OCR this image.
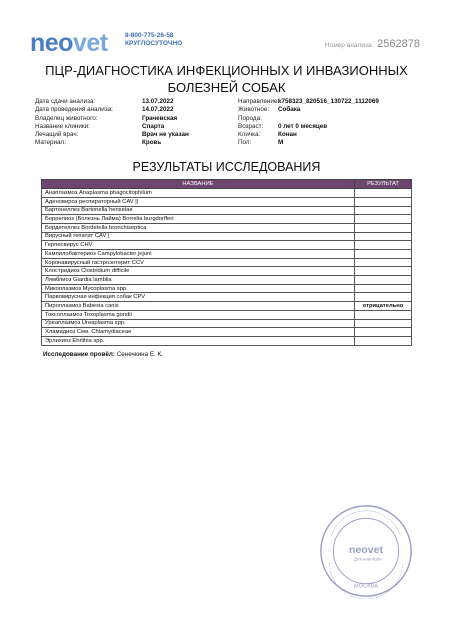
neovet	8-800-775-26-58
КРУГЛОСУТОЧНО	Номер анализа: 2562878
ПЦР-ДИАГНОСТИКА ИНФЕКЦИОННЫХ И ИНВАЗИОННЫХ БОЛЕЗНЕЙ СОБАК
Дата сдачи анализа:	13.07.2022
Дата проведения анализа:	14.07.2022
Владелец животного:	Грачевская
Название клиники:	Спарта
Лечащий врач:	Врач не указан
Материал:	Кровь
Направление:
k758323_820516_130722_1112069
Животное:	Собака
Порода:
Возраст:	0 лет 0 месяцев
Кличка:	Конан
Пол:	М
РЕЗУЛЬТАТЫ ИССЛЕДОВАНИЯ
НАЗВАНИЕ	РЕЗУЛЬТАТ
Анаплазмоз Anaplasma phagocitophilum	
Аденовироз респираторный CAV ||	
Бартонеллез Bartonella henselae	
Боррелиоз (Болезнь Лайма) Borrelia burgdorfferi	
Бордетеллез Bordetella bronchiseptica	
Вирусный гепатит CAV |	
Герпесвирус CHV	
Кампилобактериоз Campylobacter jejuni	
Коронавирусный гастроэнтерит CCV	
Клостридиоз Clostridium difficile	
Лямблиоз Giardia lamblia	
Микоплазмоз Mycoplasma spp.	
Парвовирусная инфекция собак CPV	
Пироплазмоз Babesia canis	отрицательно
Токсоплазмоз Toxoplasma gondii	
Уреаплазмоз Ureaplasma spp.	
Хламидиоз Сем. Chlamydiaceae	
Эрлихиоз Ehrlihia spp.	
Исследование провёл: Сенечкина Е. К.
neovet
Для анализов
МОСКВА
